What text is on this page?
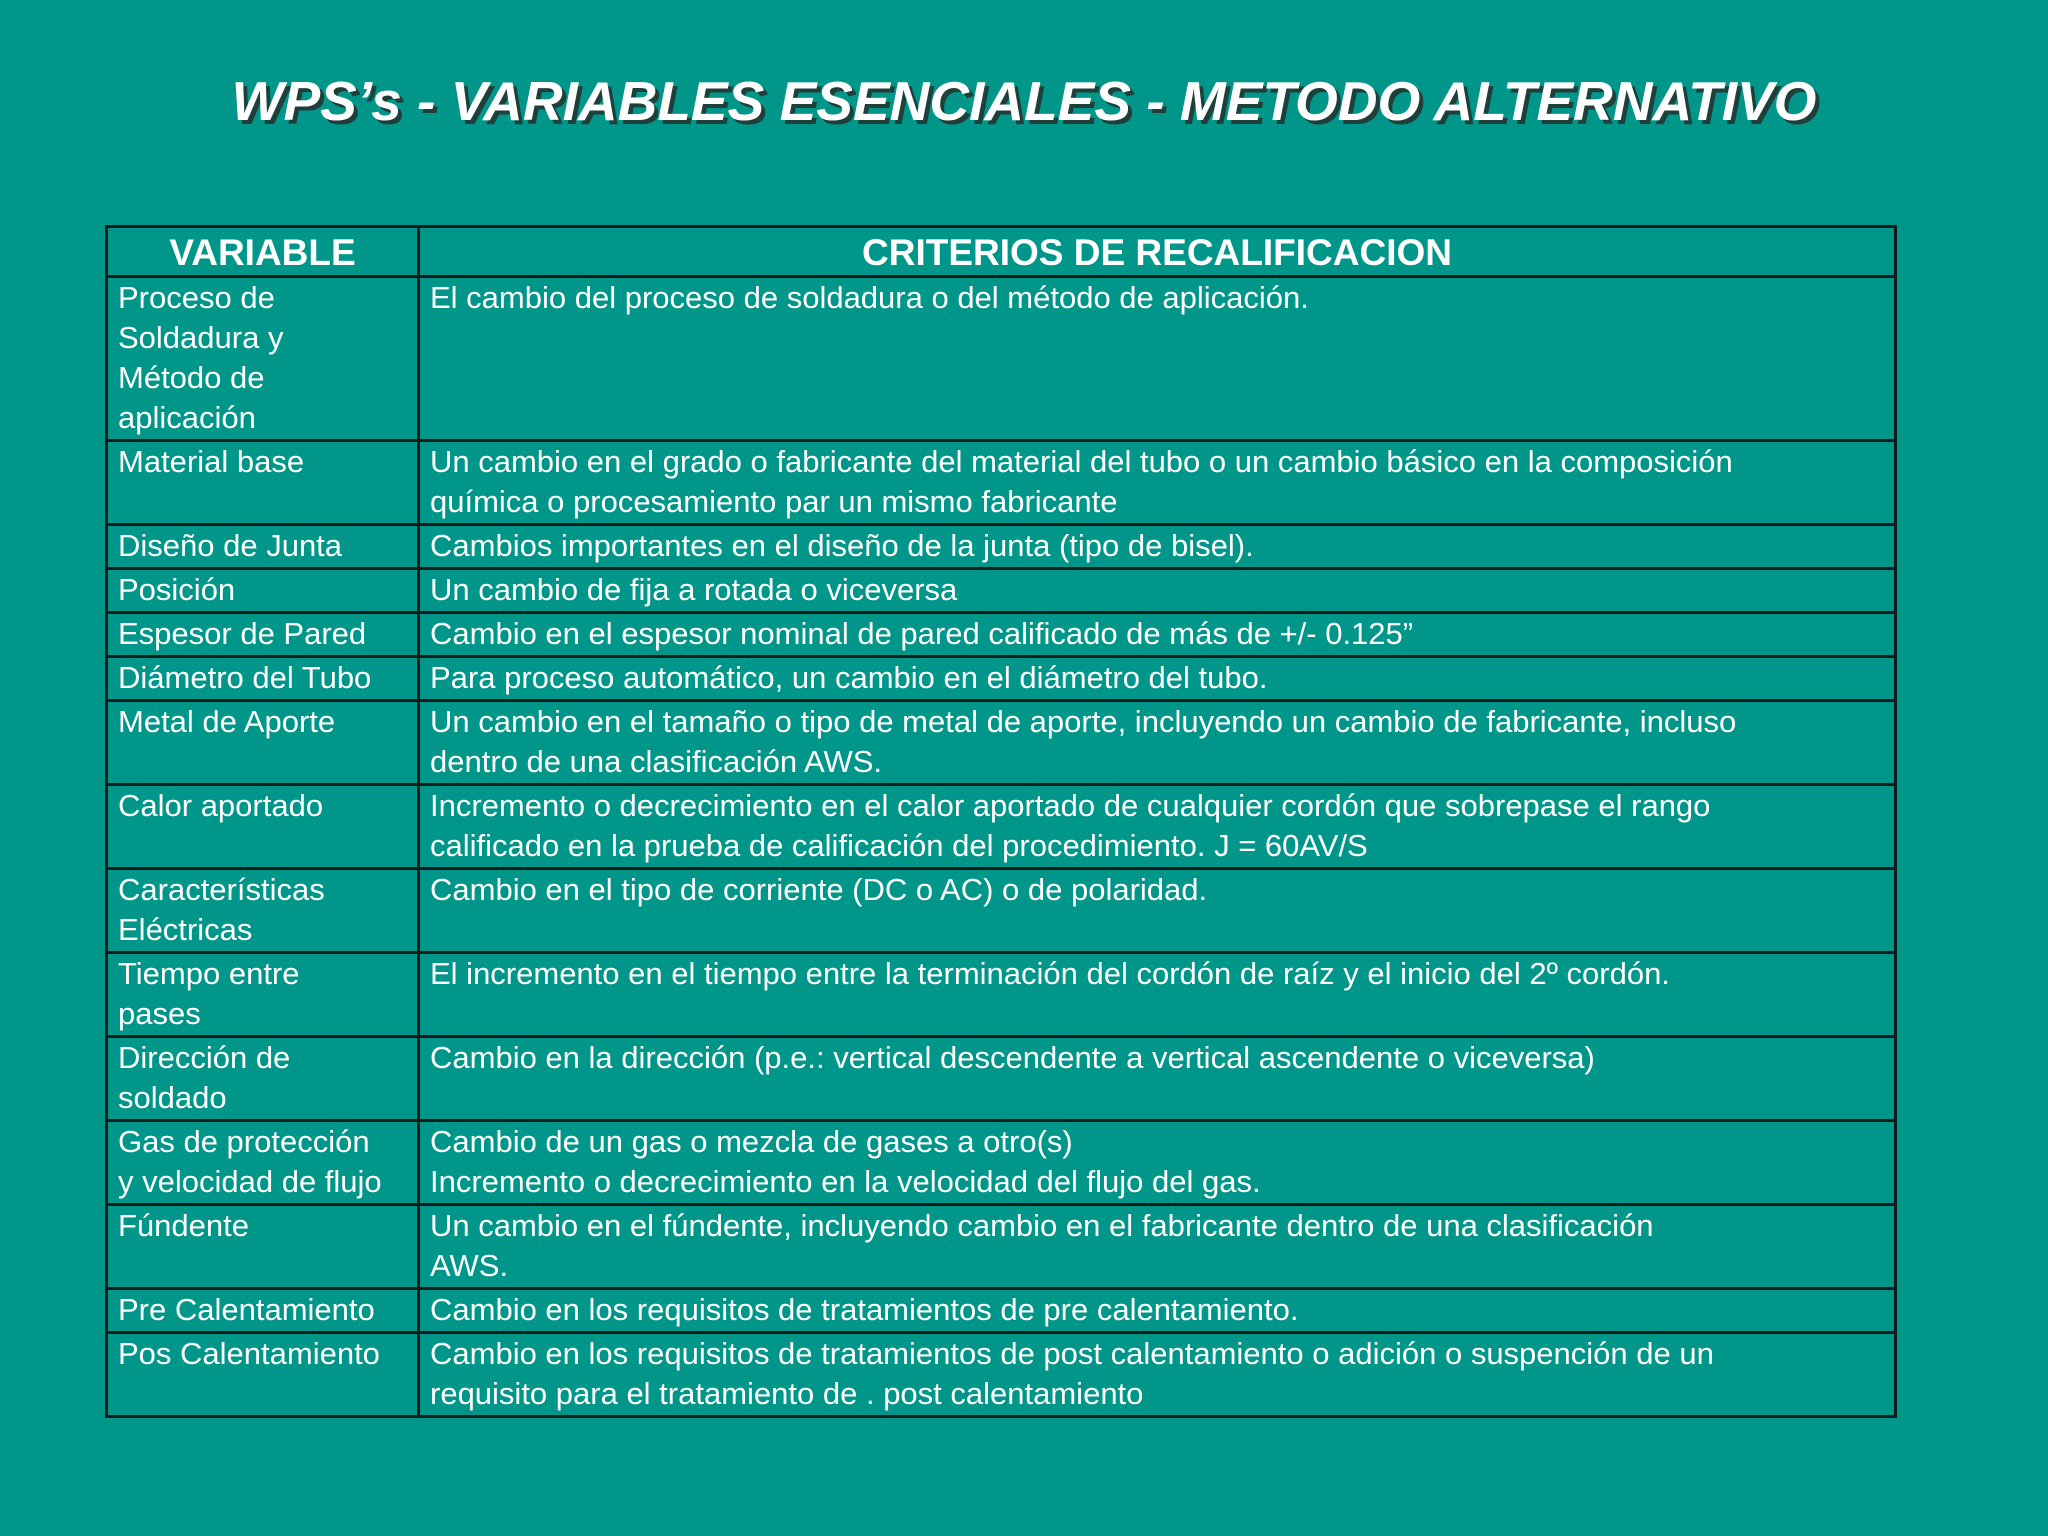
WPS’s - VARIABLES ESENCIALES - METODO ALTERNATIVO
VARIABLE	CRITERIOS DE RECALIFICACION
Proceso de
Soldadura y
Método de
aplicación	El cambio del proceso de soldadura o del método de aplicación.
Material base	Un cambio en el grado o fabricante del material del tubo o un cambio básico en la composición
química o procesamiento par un mismo fabricante
Diseño de Junta	Cambios importantes en el diseño de la junta (tipo de bisel).
Posición	Un cambio de fija a rotada o viceversa
Espesor de Pared	Cambio en el espesor nominal de pared calificado de más de +/- 0.125”
Diámetro del Tubo	Para proceso automático, un cambio en el diámetro del tubo.
Metal de Aporte	Un cambio en el tamaño o tipo de metal de aporte, incluyendo un cambio de fabricante, incluso
dentro de una clasificación AWS.
Calor aportado	Incremento o decrecimiento en el calor aportado de cualquier cordón que sobrepase el rango
calificado en la prueba de calificación del procedimiento. J = 60AV/S
Características
Eléctricas	Cambio en el tipo de corriente (DC o AC) o de polaridad.
Tiempo entre
pases	El incremento en el tiempo entre la terminación del cordón de raíz y el inicio del 2º cordón.
Dirección de
soldado	Cambio en la dirección (p.e.: vertical descendente a vertical ascendente o viceversa)
Gas de protección
y velocidad de flujo	Cambio de un gas o mezcla de gases a otro(s)
Incremento o decrecimiento en la velocidad del flujo del gas.
Fúndente	Un cambio en el fúndente, incluyendo cambio en el fabricante dentro de una clasificación
AWS.
Pre Calentamiento	Cambio en los requisitos de tratamientos de pre calentamiento.
Pos Calentamiento	Cambio en los requisitos de tratamientos de post calentamiento o adición o suspención de un
requisito para el tratamiento de . post calentamiento
